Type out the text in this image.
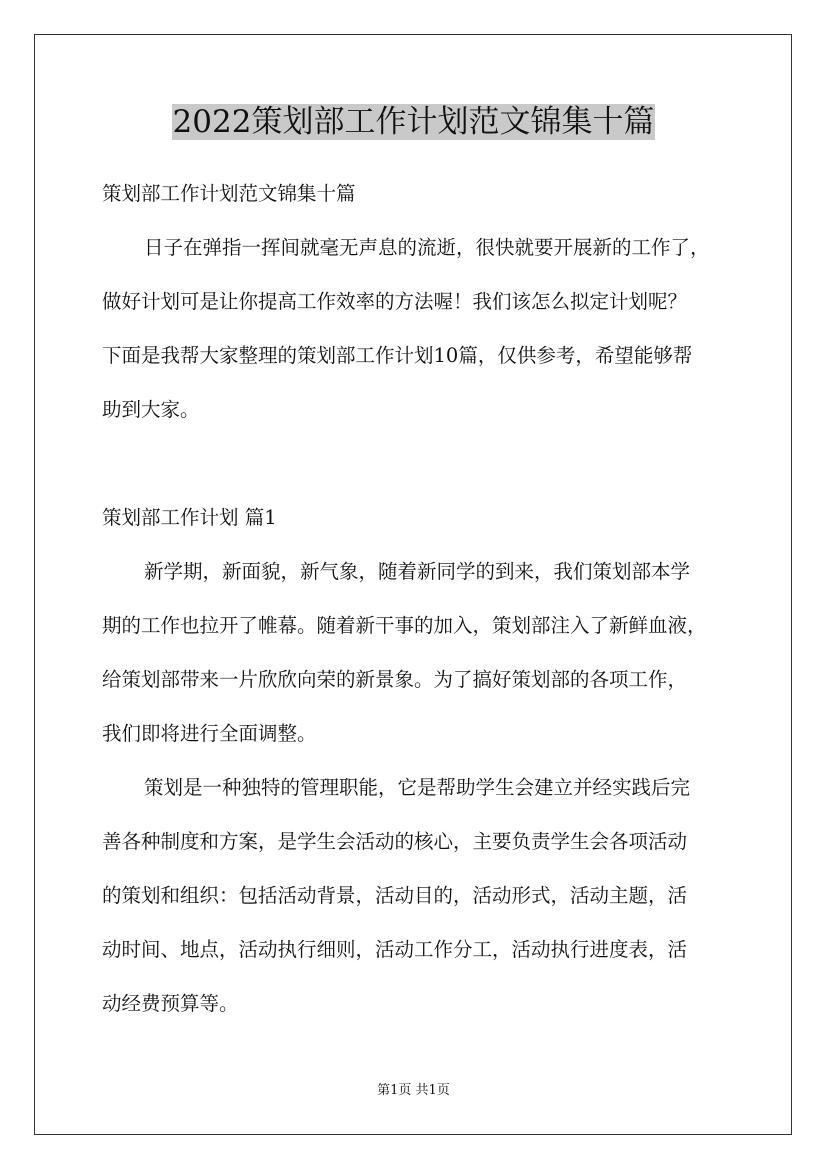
2022策划部工作计划范文锦集十篇

策划部工作计划范文锦集十篇

日子在弹指一挥间就毫无声息的流逝，很快就要开展新的工作了，

做好计划可是让你提高工作效率的方法喔！我们该怎么拟定计划呢？

下面是我帮大家整理的策划部工作计划10篇，仅供参考，希望能够帮

助到大家。

策划部工作计划 篇1

新学期，新面貌，新气象，随着新同学的到来，我们策划部本学

期的工作也拉开了帷幕。随着新干事的加入，策划部注入了新鲜血液，

给策划部带来一片欣欣向荣的新景象。为了搞好策划部的各项工作，

我们即将进行全面调整。

策划是一种独特的管理职能，它是帮助学生会建立并经实践后完

善各种制度和方案，是学生会活动的核心，主要负责学生会各项活动

的策划和组织：包括活动背景，活动目的，活动形式，活动主题，活

动时间、地点，活动执行细则，活动工作分工，活动执行进度表，活

动经费预算等。

第1页 共1页
